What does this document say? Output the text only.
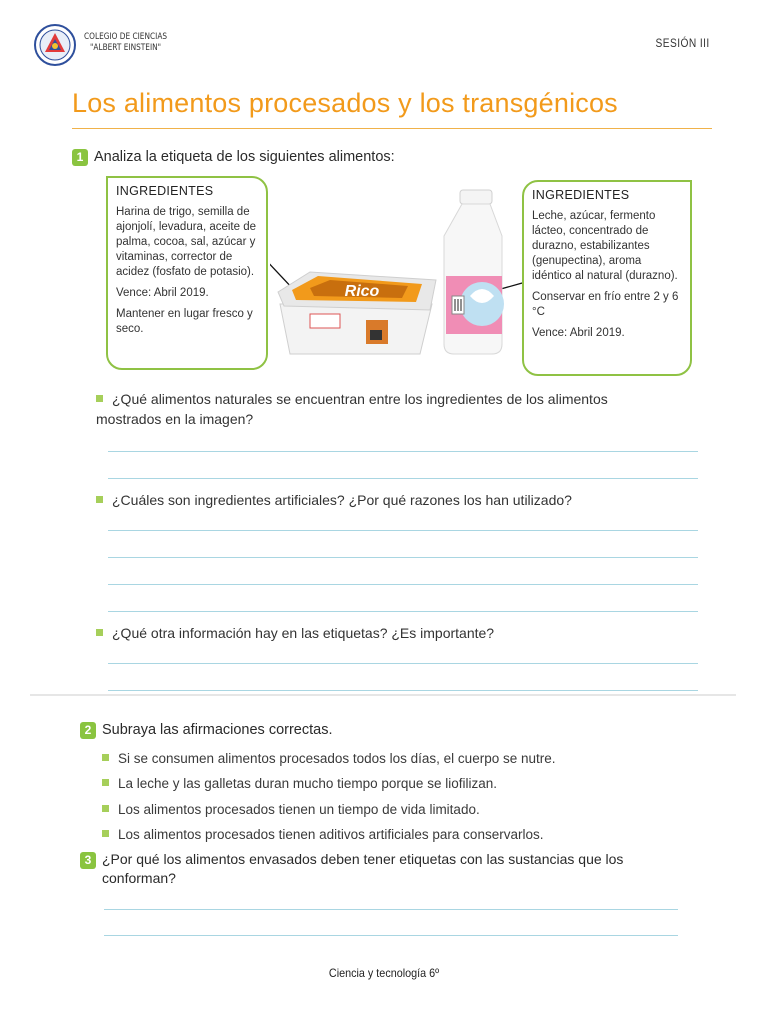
COLEGIO DE CIENCIAS
"ALBERT EINSTEIN"	SESIÓN III
Los alimentos procesados y los transgénicos
1 Analiza la etiqueta de los siguientes alimentos:
INGREDIENTES

Harina de trigo, semilla de ajonjolí, levadura, aceite de palma, cocoa, sal, azúcar y vitaminas, corrector de acidez (fosfato de potasio).

Vence: Abril 2019.

Mantener en lugar fresco y seco.

Rico
INGREDIENTES

Leche, azúcar, fermento lácteo, concentrado de durazno, estabilizantes (genupectina), aroma idéntico al natural (durazno).

Conservar en frío entre 2 y 6 °C

Vence: Abril 2019.

¿Qué alimentos naturales se encuentran entre los ingredientes de los alimentos mostrados en la imagen?
¿Cuáles son ingredientes artificiales? ¿Por qué razones los han utilizado?
¿Qué otra información hay en las etiquetas? ¿Es importante?
2 Subraya las afirmaciones correctas.
Si se consumen alimentos procesados todos los días, el cuerpo se nutre.
La leche y las galletas duran mucho tiempo porque se liofilizan.
Los alimentos procesados tienen un tiempo de vida limitado.
Los alimentos procesados tienen aditivos artificiales para conservarlos.
3 ¿Por qué los alimentos envasados deben tener etiquetas con las sustancias que los conforman?
Ciencia y tecnología 6º
